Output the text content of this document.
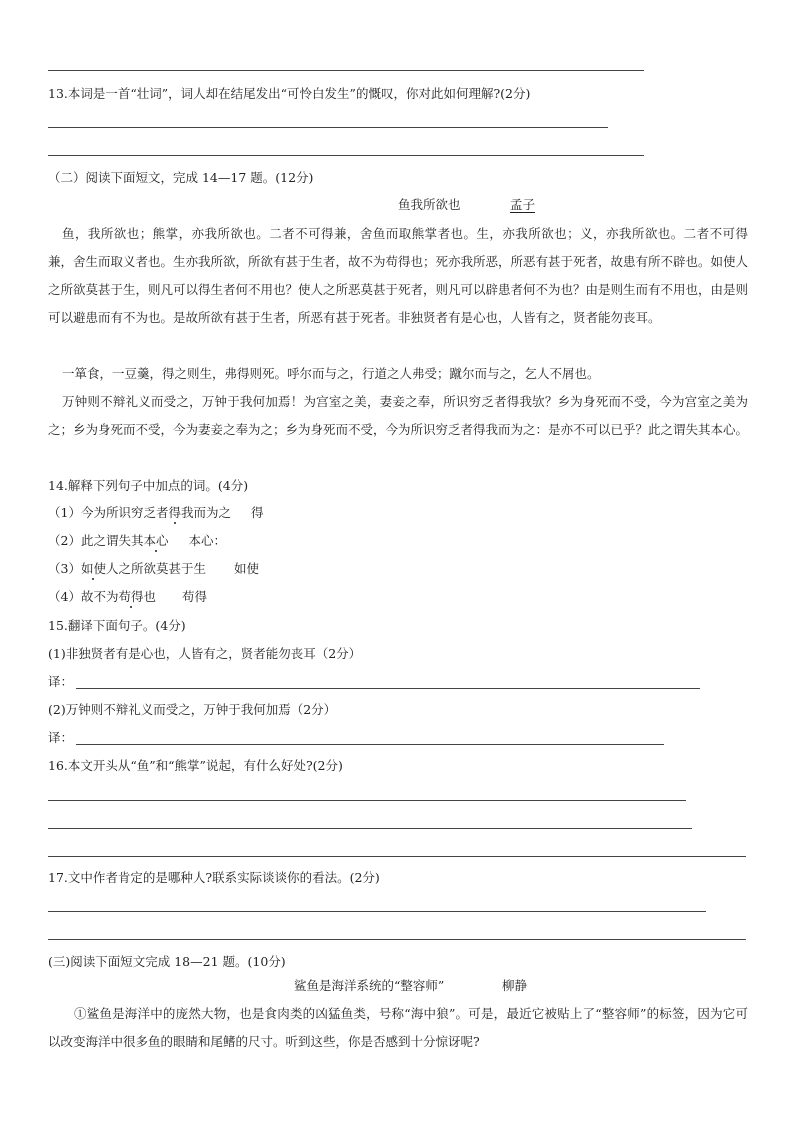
13.本词是一首“壮词”，词人却在结尾发出“可怜白发生”的慨叹，你对此如何理解?(2分)
（二）阅读下面短文，完成 14—17 题。(12分)
鱼我所欲也	孟子
鱼，我所欲也；熊掌，亦我所欲也。二者不可得兼，舍鱼而取熊掌者也。生，亦我所欲也；义，亦我所欲也。二者不可得兼，舍生而取义者也。生亦我所欲，所欲有甚于生者，故不为苟得也；死亦我所恶，所恶有甚于死者，故患有所不辟也。如使人之所欲莫甚于生，则凡可以得生者何不用也？使人之所恶莫甚于死者，则凡可以辟患者何不为也？由是则生而有不用也，由是则可以避患而有不为也。是故所欲有甚于生者，所恶有甚于死者。非独贤者有是心也，人皆有之，贤者能勿丧耳。
一箪食，一豆羹，得之则生，弗得则死。呼尔而与之，行道之人弗受；蹴尔而与之，乞人不屑也。
万钟则不辩礼义而受之，万钟于我何加焉！为宫室之美，妻妾之奉，所识穷乏者得我欤？乡为身死而不受，今为宫室之美为之；乡为身死而不受，今为妻妾之奉为之；乡为身死而不受，今为所识穷乏者得我而为之：是亦不可以已乎？此之谓失其本心。
14.解释下列句子中加点的词。(4分)
（1）今为所识穷乏者得我而为之 得
（2）此之谓失其本心 本心：
（3）如使人之所欲莫甚于生 如使
（4）故不为苟得也 苟得
15.翻译下面句子。(4分)
(1)非独贤者有是心也，人皆有之，贤者能勿丧耳（2分）
译：
(2)万钟则不辩礼义而受之，万钟于我何加焉（2分）
译：
16.本文开头从“鱼”和“熊掌”说起，有什么好处?(2分)
17.文中作者肯定的是哪种人?联系实际谈谈你的看法。(2分)
(三)阅读下面短文完成 18—21 题。(10分)
鲨鱼是海洋系统的“整容师”	柳静
①鲨鱼是海洋中的庞然大物，也是食肉类的凶猛鱼类，号称“海中狼”。可是，最近它被贴上了“整容师”的标签，因为它可以改变海洋中很多鱼的眼睛和尾鳍的尺寸。听到这些，你是否感到十分惊讶呢?
